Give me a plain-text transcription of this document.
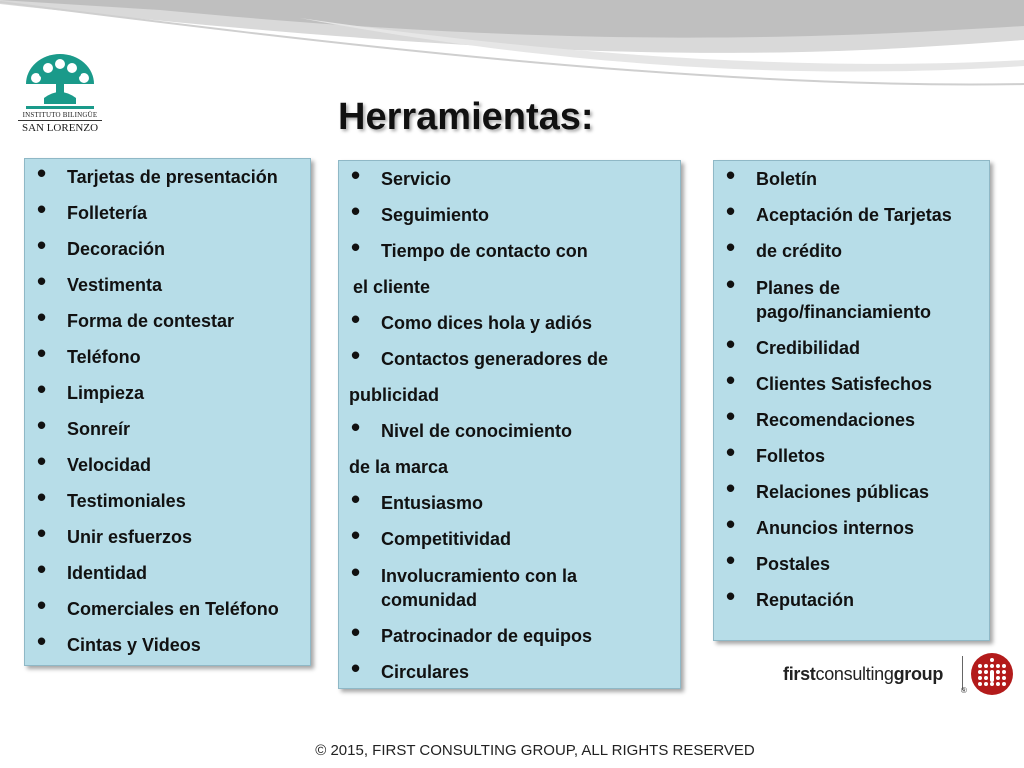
INSTITUTO BILINGÜE
SAN LORENZO	Herramientas:
• Tarjetas de presentación
• Folletería
• Decoración
• Vestimenta
• Forma de contestar
• Teléfono
• Limpieza
• Sonreír
• Velocidad
• Testimoniales
• Unir esfuerzos
• Identidad
• Comerciales en Teléfono
• Cintas y Videos
• Servicio
• Seguimiento
• Tiempo de contacto con
el cliente
• Como dices hola y adiós
• Contactos generadores de
publicidad
• Nivel de conocimiento
de la marca
• Entusiasmo
• Competitividad
• Involucramiento con la comunidad
• Patrocinador de equipos
• Circulares
• Boletín
• Aceptación de Tarjetas
• de crédito
• Planes de pago/financiamiento
• Credibilidad
• Clientes Satisfechos
• Recomendaciones
• Folletos
• Relaciones públicas
• Anuncios internos
• Postales
• Reputación
firstconsultinggroup
®
© 2015, FIRST CONSULTING GROUP, ALL RIGHTS RESERVED
